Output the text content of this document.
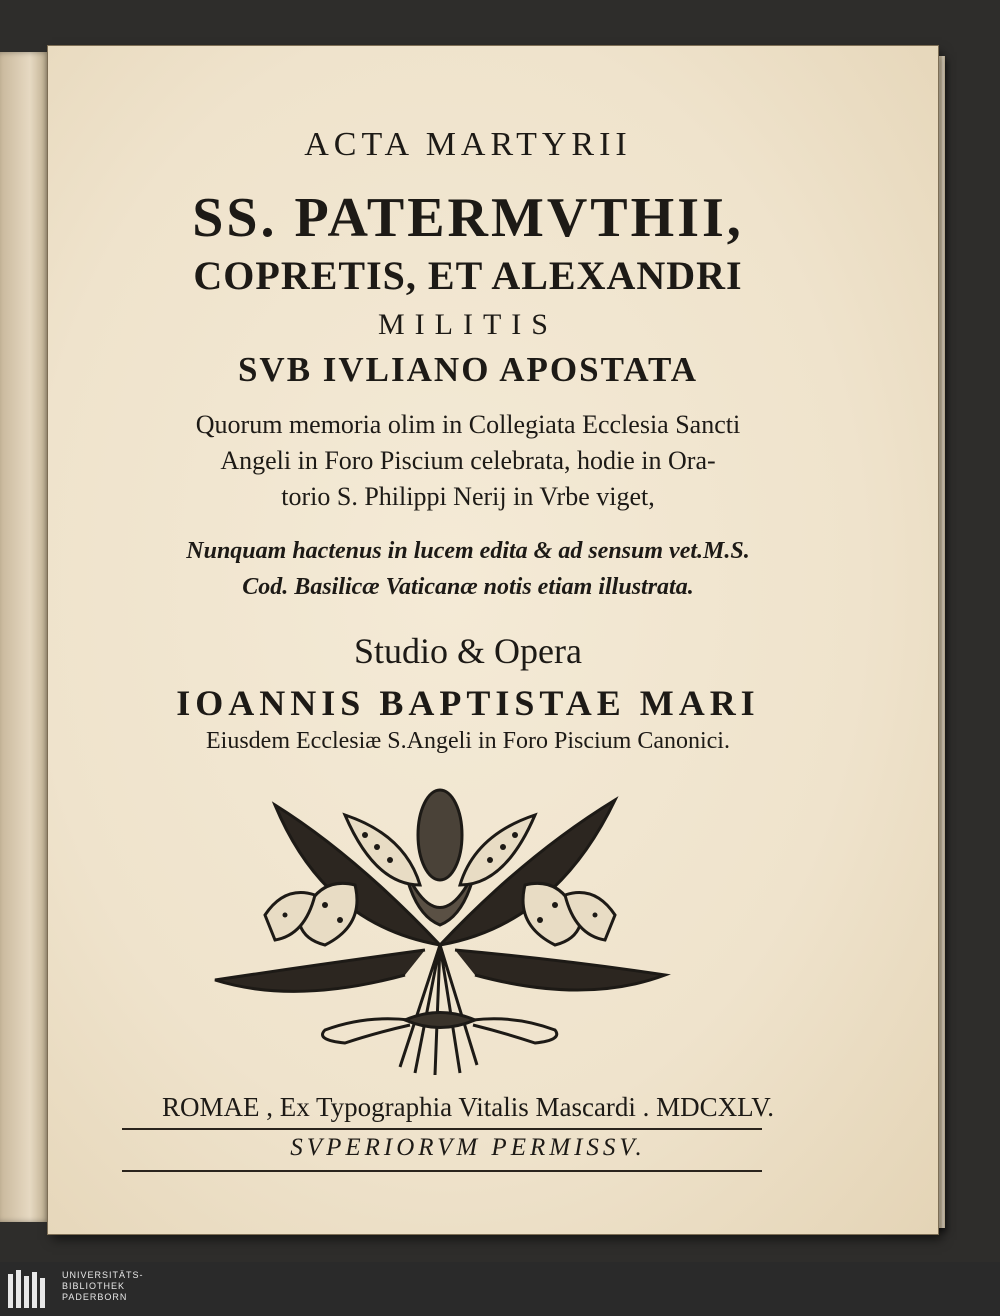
ACTA MARTYRII
SS. PATERMVTHII,
COPRETIS, ET ALEXANDRI
MILITIS
SVB IVLIANO APOSTATA
Quorum memoria olim in Collegiata Ecclesia Sancti
Angeli in Foro Piscium celebrata, hodie in Ora-
torio S. Philippi Nerij in Vrbe viget,
Nunquam hactenus in lucem edita & ad sensum vet.M.S.
Cod. Basilicæ Vaticanæ notis etiam illustrata.
Studio & Opera
IOANNIS BAPTISTAE MARI
Eiusdem Ecclesiæ S.Angeli in Foro Piscium Canonici.
ROMAE , Ex Typographia Vitalis Mascardi . MDCXLV.
SVPERIORVM PERMISSV.
UNIVERSITÄTS-
BIBLIOTHEK
PADERBORN
